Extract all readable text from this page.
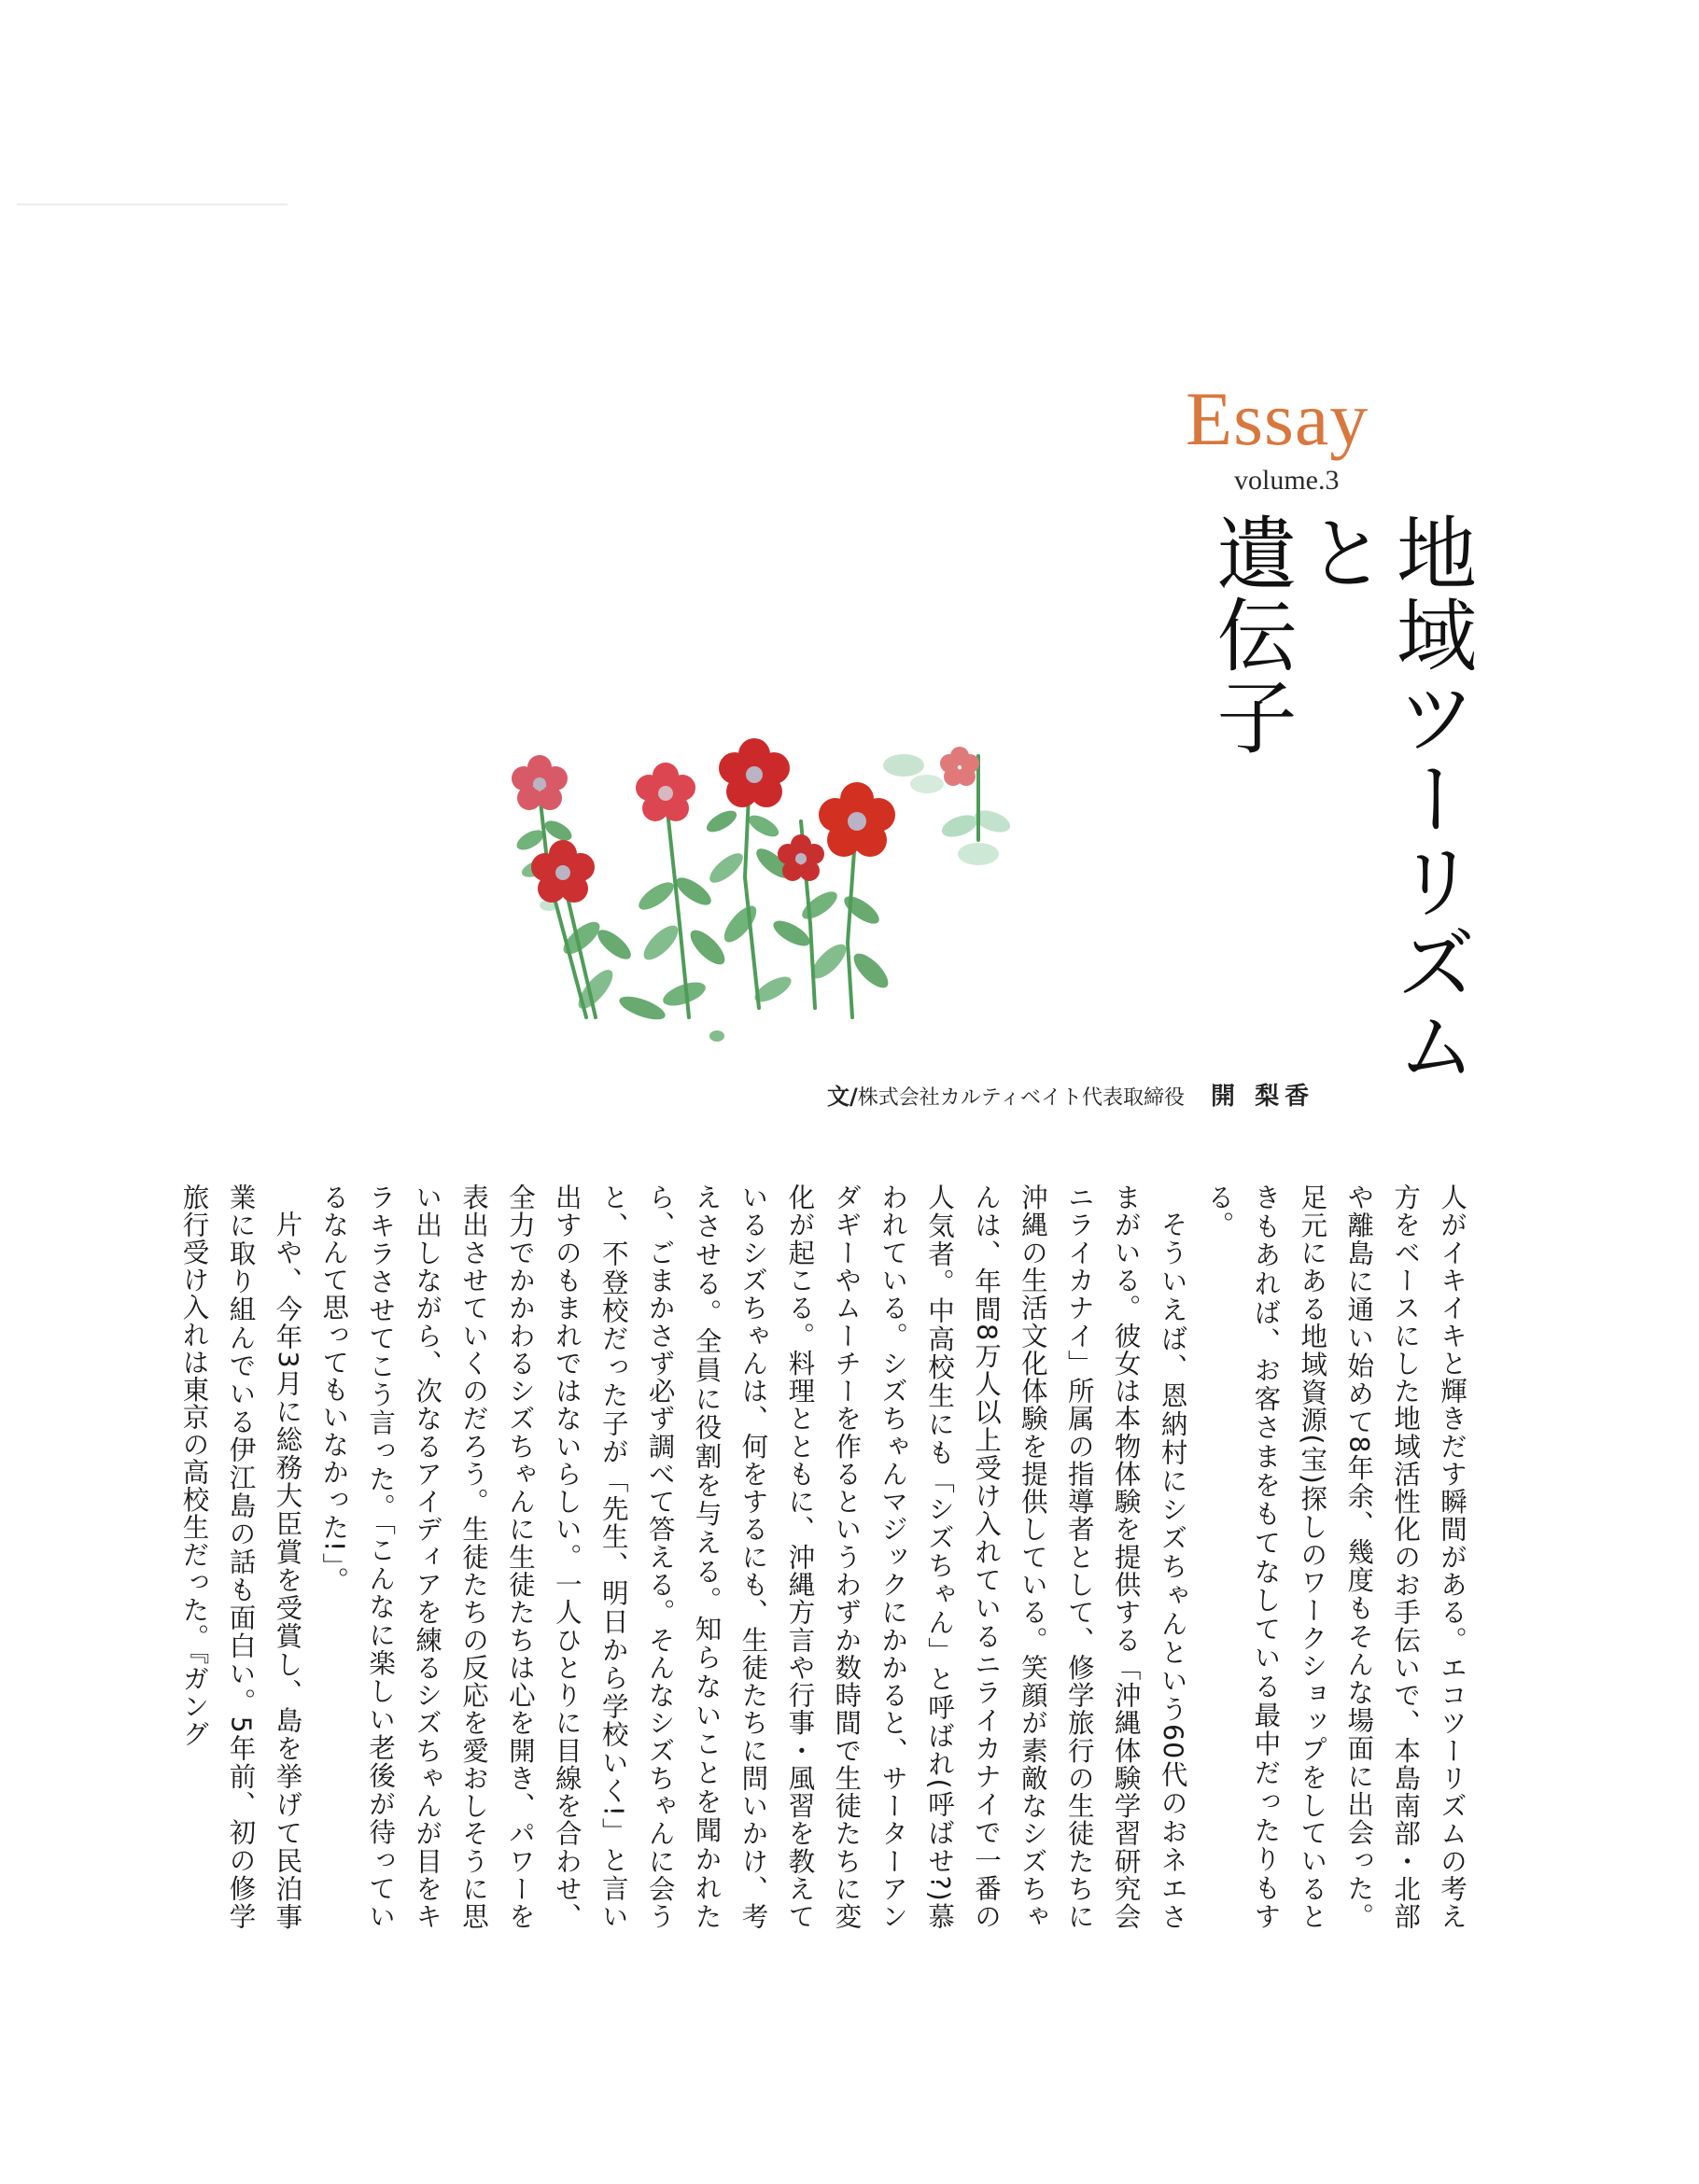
Essay
volume.3
地域ツーリズムと
遺伝子
文/株式会社カルティベイト代表取締役 開 梨香

人がイキイキと輝きだす瞬間がある。エコツーリズムの考え方をベースにした地域活性化のお手伝いで、本島南部・北部や離島に通い始めて8年余、幾度もそんな場面に出会った。足元にある地域資源(宝)探しのワークショップをしているときもあれば、お客さまをもてなしている最中だったりもする。

そういえば、恩納村にシズちゃんという60代のおネエさまがいる。彼女は本物体験を提供する「沖縄体験学習研究会ニライカナイ」所属の指導者として、修学旅行の生徒たちに沖縄の生活文化体験を提供している。笑顔が素敵なシズちゃんは、年間8万人以上受け入れているニライカナイで一番の人気者。中高校生にも「シズちゃん」と呼ばれ(呼ばせ?)慕われている。シズちゃんマジックにかかると、サーターアンダギーやムーチーを作るというわずか数時間で生徒たちに変化が起こる。料理とともに、沖縄方言や行事・風習を教えているシズちゃんは、何をするにも、生徒たちに問いかけ、考えさせる。全員に役割を与える。知らないことを聞かれたら、ごまかさず必ず調べて答える。そんなシズちゃんに会うと、不登校だった子が「先生、明日から学校いく!」と言い出すのもまれではないらしい。一人ひとりに目線を合わせ、全力でかかわるシズちゃんに生徒たちは心を開き、パワーを表出させていくのだろう。生徒たちの反応を愛おしそうに思い出しながら、次なるアイディアを練るシズちゃんが目をキラキラさせてこう言った。「こんなに楽しい老後が待っているなんて思ってもいなかった!」。

片や、今年3月に総務大臣賞を受賞し、島を挙げて民泊事業に取り組んでいる伊江島の話も面白い。5年前、初の修学旅行受け入れは東京の高校生だった。『ガング
